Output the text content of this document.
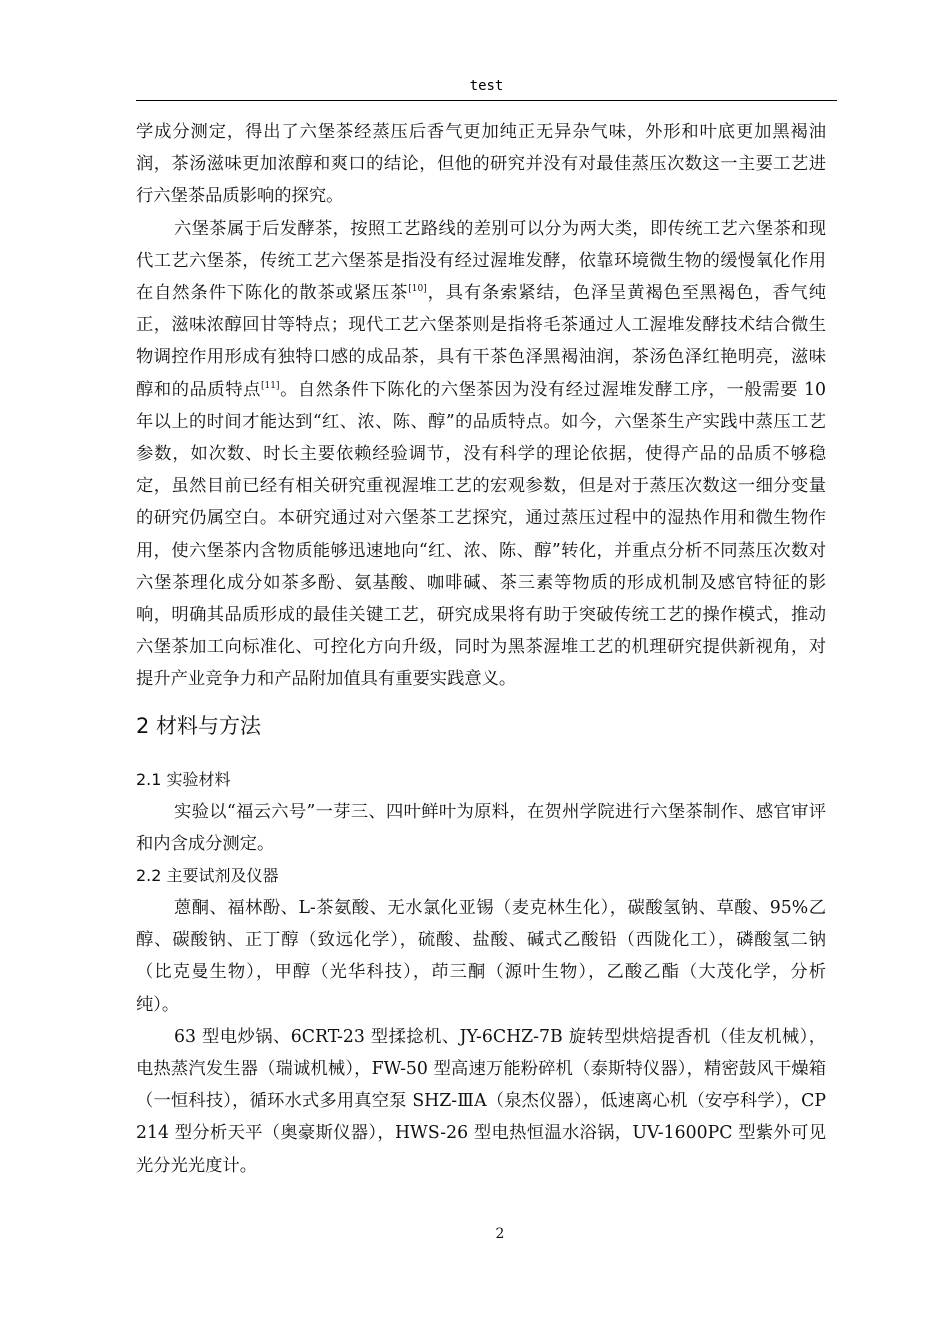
test

学成分测定，得出了六堡茶经蒸压后香气更加纯正无异杂气味，外形和叶底更加黑褐油润，茶汤滋味更加浓醇和爽口的结论，但他的研究并没有对最佳蒸压次数这一主要工艺进行六堡茶品质影响的探究。

六堡茶属于后发酵茶，按照工艺路线的差别可以分为两大类，即传统工艺六堡茶和现代工艺六堡茶，传统工艺六堡茶是指没有经过渥堆发酵，依靠环境微生物的缓慢氧化作用在自然条件下陈化的散茶或紧压茶[10]，具有条索紧结，色泽呈黄褐色至黑褐色，香气纯正，滋味浓醇回甘等特点；现代工艺六堡茶则是指将毛茶通过人工渥堆发酵技术结合微生物调控作用形成有独特口感的成品茶，具有干茶色泽黑褐油润，茶汤色泽红艳明亮，滋味醇和的品质特点[11]。自然条件下陈化的六堡茶因为没有经过渥堆发酵工序，一般需要 10 年以上的时间才能达到“红、浓、陈、醇”的品质特点。如今，六堡茶生产实践中蒸压工艺参数，如次数、时长主要依赖经验调节，没有科学的理论依据，使得产品的品质不够稳定，虽然目前已经有相关研究重视渥堆工艺的宏观参数，但是对于蒸压次数这一细分变量的研究仍属空白。本研究通过对六堡茶工艺探究，通过蒸压过程中的湿热作用和微生物作用，使六堡茶内含物质能够迅速地向“红、浓、陈、醇”转化，并重点分析不同蒸压次数对六堡茶理化成分如茶多酚、氨基酸、咖啡碱、茶三素等物质的形成机制及感官特征的影响，明确其品质形成的最佳关键工艺，研究成果将有助于突破传统工艺的操作模式，推动六堡茶加工向标准化、可控化方向升级，同时为黑茶渥堆工艺的机理研究提供新视角，对提升产业竞争力和产品附加值具有重要实践意义。

2 材料与方法
2.1 实验材料

实验以“福云六号”一芽三、四叶鲜叶为原料，在贺州学院进行六堡茶制作、感官审评和内含成分测定。

2.2 主要试剂及仪器

蒽酮、福林酚、L-茶氨酸、无水氯化亚锡（麦克林生化），碳酸氢钠、草酸、95%乙醇、碳酸钠、正丁醇（致远化学），硫酸、盐酸、碱式乙酸铅（西陇化工），磷酸氢二钠（比克曼生物），甲醇（光华科技），茚三酮（源叶生物），乙酸乙酯（大茂化学，分析纯）。

63 型电炒锅、6CRT-23 型揉捻机、JY-6CHZ-7B 旋转型烘焙提香机（佳友机械），电热蒸汽发生器（瑞诚机械），FW-50 型高速万能粉碎机（泰斯特仪器），精密鼓风干燥箱（一恒科技），循环水式多用真空泵 SHZ-ⅢA（泉杰仪器），低速离心机（安亭科学），CP214 型分析天平（奥豪斯仪器），HWS-26 型电热恒温水浴锅，UV-1600PC 型紫外可见光分光光度计。

2
